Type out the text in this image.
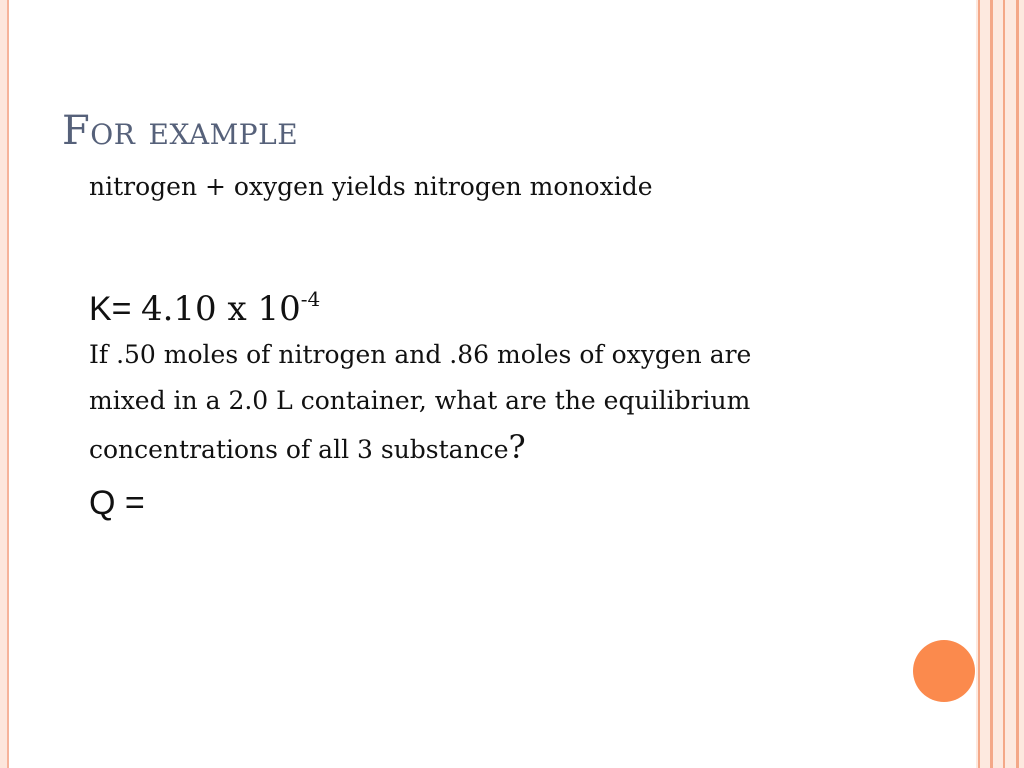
For example
nitrogen + oxygen yields nitrogen monoxide
K= 4.10 x $10^{-4}$
If .50 moles of nitrogen and .86 moles of oxygen are mixed in a 2.0 L container, what are the equilibrium concentrations of all 3 substance?
Q =
